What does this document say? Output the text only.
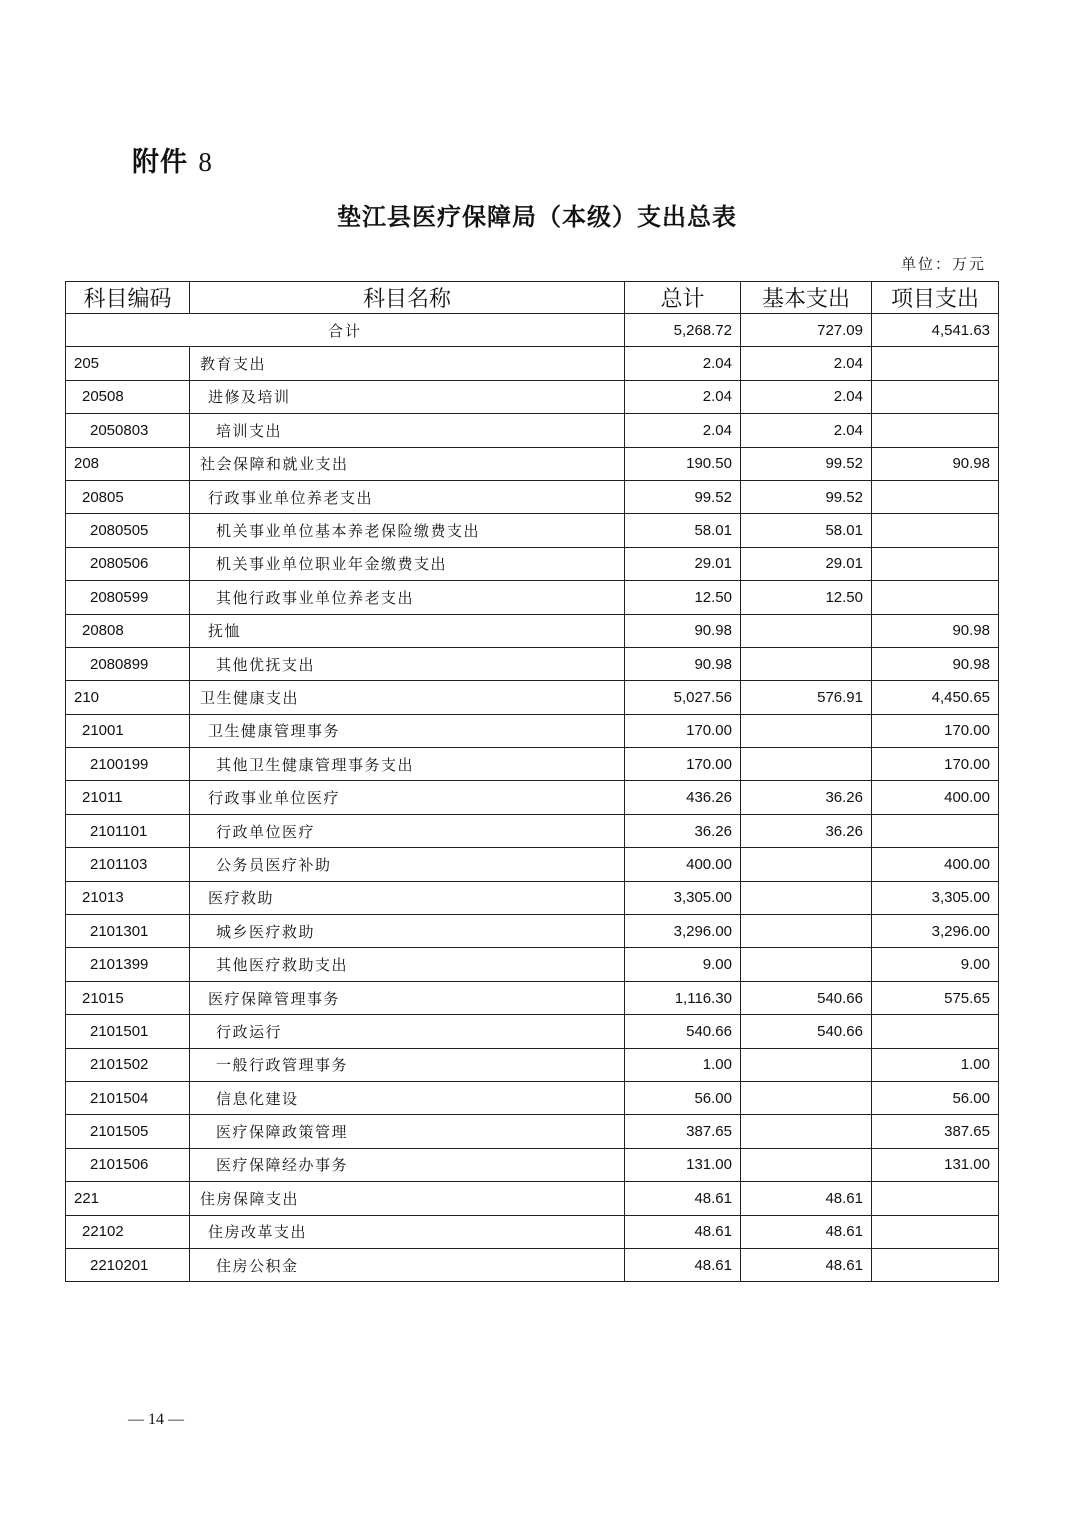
附件 8
垫江县医疗保障局（本级）支出总表
单位：万元
科目编码	科目名称	总计	基本支出	项目支出
合计		5,268.72	727.09	4,541.63
205	教育支出	2.04	2.04	
20508	进修及培训	2.04	2.04	
2050803	培训支出	2.04	2.04	
208	社会保障和就业支出	190.50	99.52	90.98
20805	行政事业单位养老支出	99.52	99.52	
2080505	机关事业单位基本养老保险缴费支出	58.01	58.01	
2080506	机关事业单位职业年金缴费支出	29.01	29.01	
2080599	其他行政事业单位养老支出	12.50	12.50	
20808	抚恤	90.98		90.98
2080899	其他优抚支出	90.98		90.98
210	卫生健康支出	5,027.56	576.91	4,450.65
21001	卫生健康管理事务	170.00		170.00
2100199	其他卫生健康管理事务支出	170.00		170.00
21011	行政事业单位医疗	436.26	36.26	400.00
2101101	行政单位医疗	36.26	36.26	
2101103	公务员医疗补助	400.00		400.00
21013	医疗救助	3,305.00		3,305.00
2101301	城乡医疗救助	3,296.00		3,296.00
2101399	其他医疗救助支出	9.00		9.00
21015	医疗保障管理事务	1,116.30	540.66	575.65
2101501	行政运行	540.66	540.66	
2101502	一般行政管理事务	1.00		1.00
2101504	信息化建设	56.00		56.00
2101505	医疗保障政策管理	387.65		387.65
2101506	医疗保障经办事务	131.00		131.00
221	住房保障支出	48.61	48.61	
22102	住房改革支出	48.61	48.61	
2210201	住房公积金	48.61	48.61	
— 14 —
